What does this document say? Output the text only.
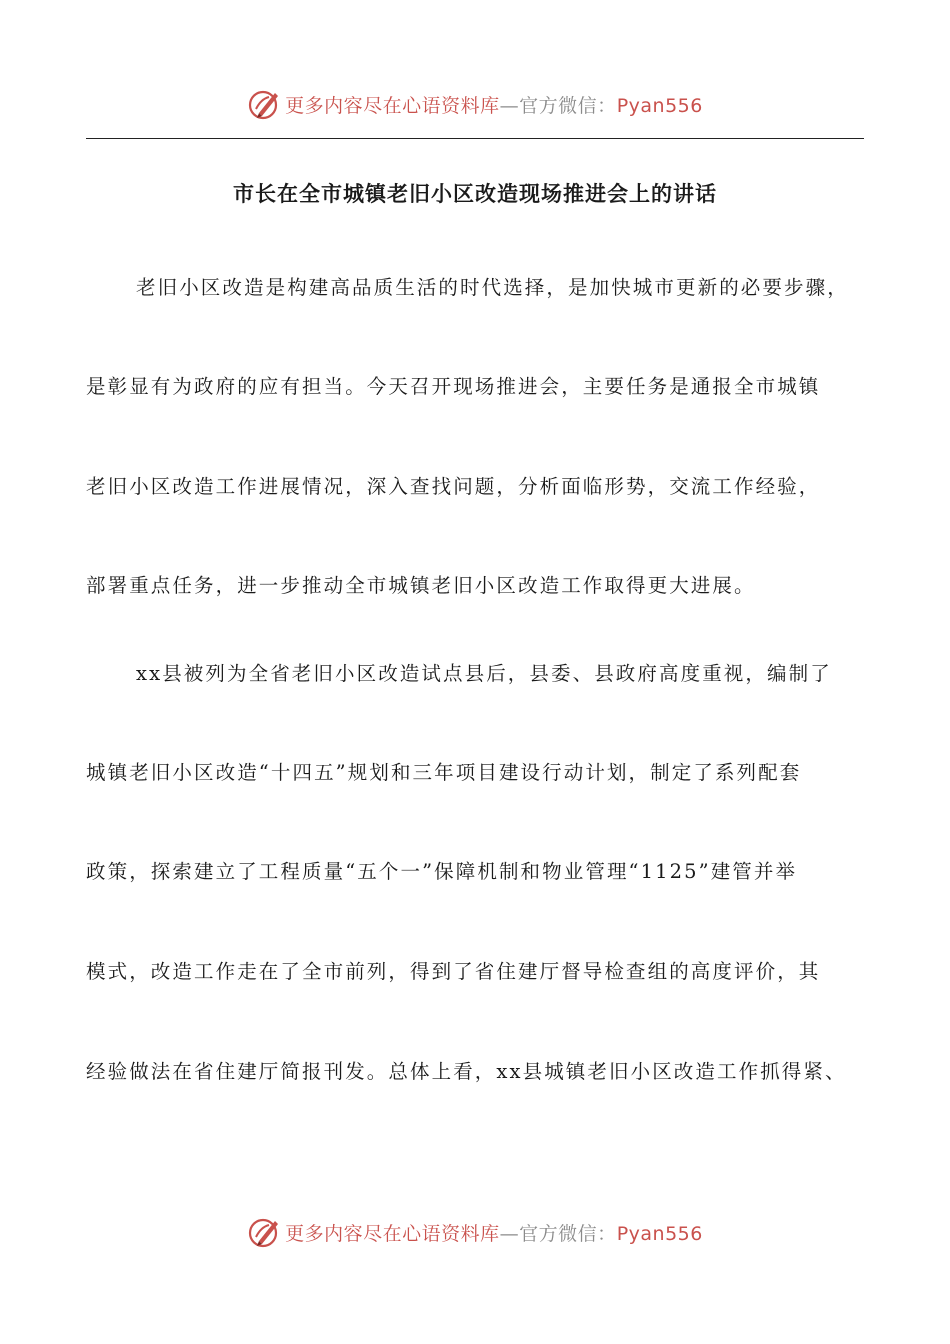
更多内容尽在心语资料库—官方微信：Pyan556
市长在全市城镇老旧小区改造现场推进会上的讲话
老旧小区改造是构建高品质生活的时代选择，是加快城市更新的必要步骤，
是彰显有为政府的应有担当。今天召开现场推进会，主要任务是通报全市城镇
老旧小区改造工作进展情况，深入查找问题，分析面临形势，交流工作经验，
部署重点任务，进一步推动全市城镇老旧小区改造工作取得更大进展。
xx县被列为全省老旧小区改造试点县后，县委、县政府高度重视，编制了
城镇老旧小区改造“十四五”规划和三年项目建设行动计划，制定了系列配套
政策，探索建立了工程质量“五个一”保障机制和物业管理“1125”建管并举
模式，改造工作走在了全市前列，得到了省住建厅督导检查组的高度评价，其
经验做法在省住建厅简报刊发。总体上看，xx县城镇老旧小区改造工作抓得紧、
更多内容尽在心语资料库—官方微信：Pyan556
